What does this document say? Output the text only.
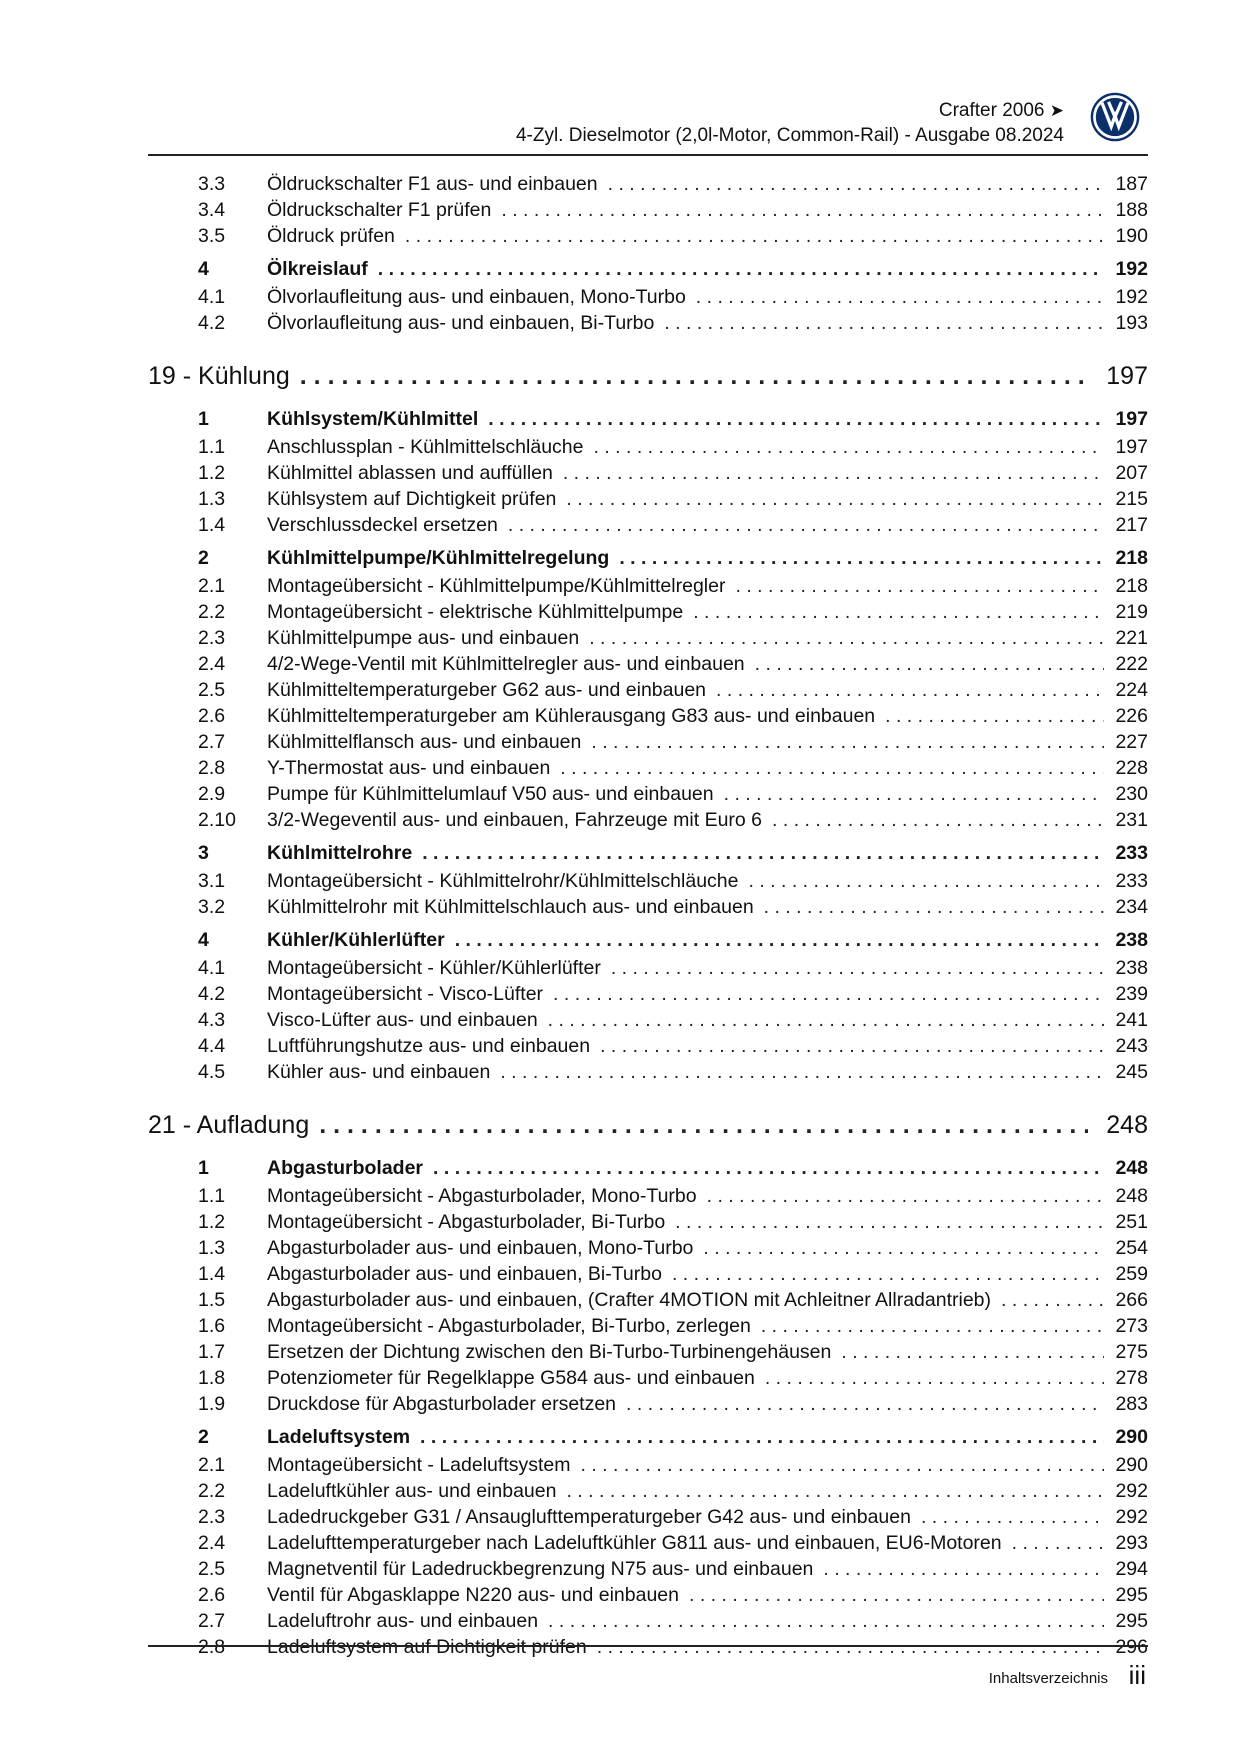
Crafter 2006 ➤
4-Zyl. Dieselmotor (2,0l-Motor, Common-Rail) - Ausgabe 08.2024
3.3 Öldruckschalter F1 aus- und einbauen . . .	187
3.4 Öldruckschalter F1 prüfen . . .	188
3.5 Öldruck prüfen . . .	190
4	Ölkreislauf . . .	192
4.1 Ölvorlaufleitung aus- und einbauen, Mono-Turbo . . .	192
4.2 Ölvorlaufleitung aus- und einbauen, Bi-Turbo . . .	193
19 - Kühlung . . .	197
1	Kühlsystem/Kühlmittel . . .	197
1.1 Anschlussplan - Kühlmittelschläuche . . .	197
1.2 Kühlmittel ablassen und auffüllen . . .	207
1.3 Kühlsystem auf Dichtigkeit prüfen . . .	215
1.4 Verschlussdeckel ersetzen . . .	217
2	Kühlmittelpumpe/Kühlmittelregelung . . .	218
2.1 Montageübersicht - Kühlmittelpumpe/Kühlmittelregler . . .	218
2.2 Montageübersicht - elektrische Kühlmittelpumpe . . .	219
2.3 Kühlmittelpumpe aus- und einbauen . . .	221
2.4 4/2-Wege-Ventil mit Kühlmittelregler aus- und einbauen . . .	222
2.5 Kühlmitteltemperaturgeber G62 aus- und einbauen . . .	224
2.6 Kühlmitteltemperaturgeber am Kühlerausgang G83 aus- und einbauen . . .	226
2.7 Kühlmittelflansch aus- und einbauen . . .	227
2.8 Y-Thermostat aus- und einbauen . . .	228
2.9 Pumpe für Kühlmittelumlauf V50 aus- und einbauen . . .	230
2.10 3/2-Wegeventil aus- und einbauen, Fahrzeuge mit Euro 6 . . .	231
3	Kühlmittelrohre . . .	233
3.1 Montageübersicht - Kühlmittelrohr/Kühlmittelschläuche . . .	233
3.2 Kühlmittelrohr mit Kühlmittelschlauch aus- und einbauen . . .	234
4	Kühler/Kühlerlüfter . . .	238
4.1 Montageübersicht - Kühler/Kühlerlüfter . . .	238
4.2 Montageübersicht - Visco-Lüfter . . .	239
4.3 Visco-Lüfter aus- und einbauen . . .	241
4.4 Luftführungshutze aus- und einbauen . . .	243
4.5 Kühler aus- und einbauen . . .	245
21 - Aufladung . . .	248
1	Abgasturbolader . . .	248
1.1 Montageübersicht - Abgasturbolader, Mono-Turbo . . .	248
1.2 Montageübersicht - Abgasturbolader, Bi-Turbo . . .	251
1.3 Abgasturbolader aus- und einbauen, Mono-Turbo . . .	254
1.4 Abgasturbolader aus- und einbauen, Bi-Turbo . . .	259
1.5 Abgasturbolader aus- und einbauen, (Crafter 4MOTION mit Achleitner Allradantrieb) . . .	266
1.6 Montageübersicht - Abgasturbolader, Bi-Turbo, zerlegen . . .	273
1.7 Ersetzen der Dichtung zwischen den Bi-Turbo-Turbinengehäusen . . .	275
1.8 Potenziometer für Regelklappe G584 aus- und einbauen . . .	278
1.9 Druckdose für Abgasturbolader ersetzen . . .	283
2	Ladeluftsystem . . .	290
2.1 Montageübersicht - Ladeluftsystem . . .	290
2.2 Ladeluftkühler aus- und einbauen . . .	292
2.3 Ladedruckgeber G31 / Ansauglufttemperaturgeber G42 aus- und einbauen . . .	292
2.4 Ladelufttemperaturgeber nach Ladeluftkühler G811 aus- und einbauen, EU6-Motoren . . .	293
2.5 Magnetventil für Ladedruckbegrenzung N75 aus- und einbauen . . .	294
2.6 Ventil für Abgasklappe N220 aus- und einbauen . . .	295
2.7 Ladeluftrohr aus- und einbauen . . .	295
2.8 Ladeluftsystem auf Dichtigkeit prüfen . . .	296
Inhaltsverzeichnis iii
